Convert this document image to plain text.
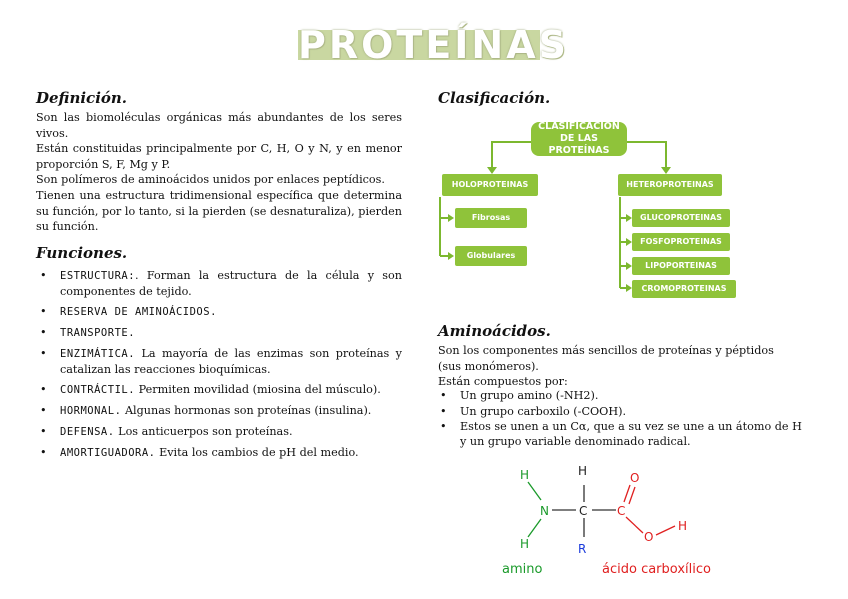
PROTEÍNAS
Definición.

Son las biomoléculas orgánicas más abundantes de los seres vivos.

Están constituidas principalmente por C, H, O y N, y en menor proporción S, F, Mg y P.

Son polímeros de aminoácidos unidos por enlaces peptídicos.

Tienen una estructura tridimensional específica que determina su función, por lo tanto, si la pierden (se desnaturaliza), pierden su función.

Funciones.
• ESTRUCTURA:. Forman la estructura de la célula y son componentes de tejido.
• RESERVA DE AMINOÁCIDOS.
• TRANSPORTE.
• ENZIMÁTICA. La mayoría de las enzimas son proteínas y catalizan las reacciones bioquímicas.
• CONTRÁCTIL. Permiten movilidad (miosina del músculo).
• HORMONAL. Algunas hormonas son proteínas (insulina).
• DEFENSA. Los anticuerpos son proteínas.
• AMORTIGUADORA. Evita los cambios de pH del medio.
Clasificación.
CLASIFICACIÓN DE LAS PROTEÍNAS
HOLOPROTEINAS	HETEROPROTEINAS
Fibrosas
Globulares
GLUCOPROTEINAS
FOSFOPROTEINAS
LIPOPORTEINAS
CROMOPROTEINAS
Aminoácidos.
Son los componentes más sencillos de proteínas y péptidos (sus monómeros).
Están compuestos por:
• Un grupo amino (-NH2).
• Un grupo carboxilo (-COOH).
• Estos se unen a un Cα, que a su vez se une a un átomo de H y un grupo variable denominado radical.
H
N
H
H
C
R
C
O
O
H
amino	ácido carboxílico
